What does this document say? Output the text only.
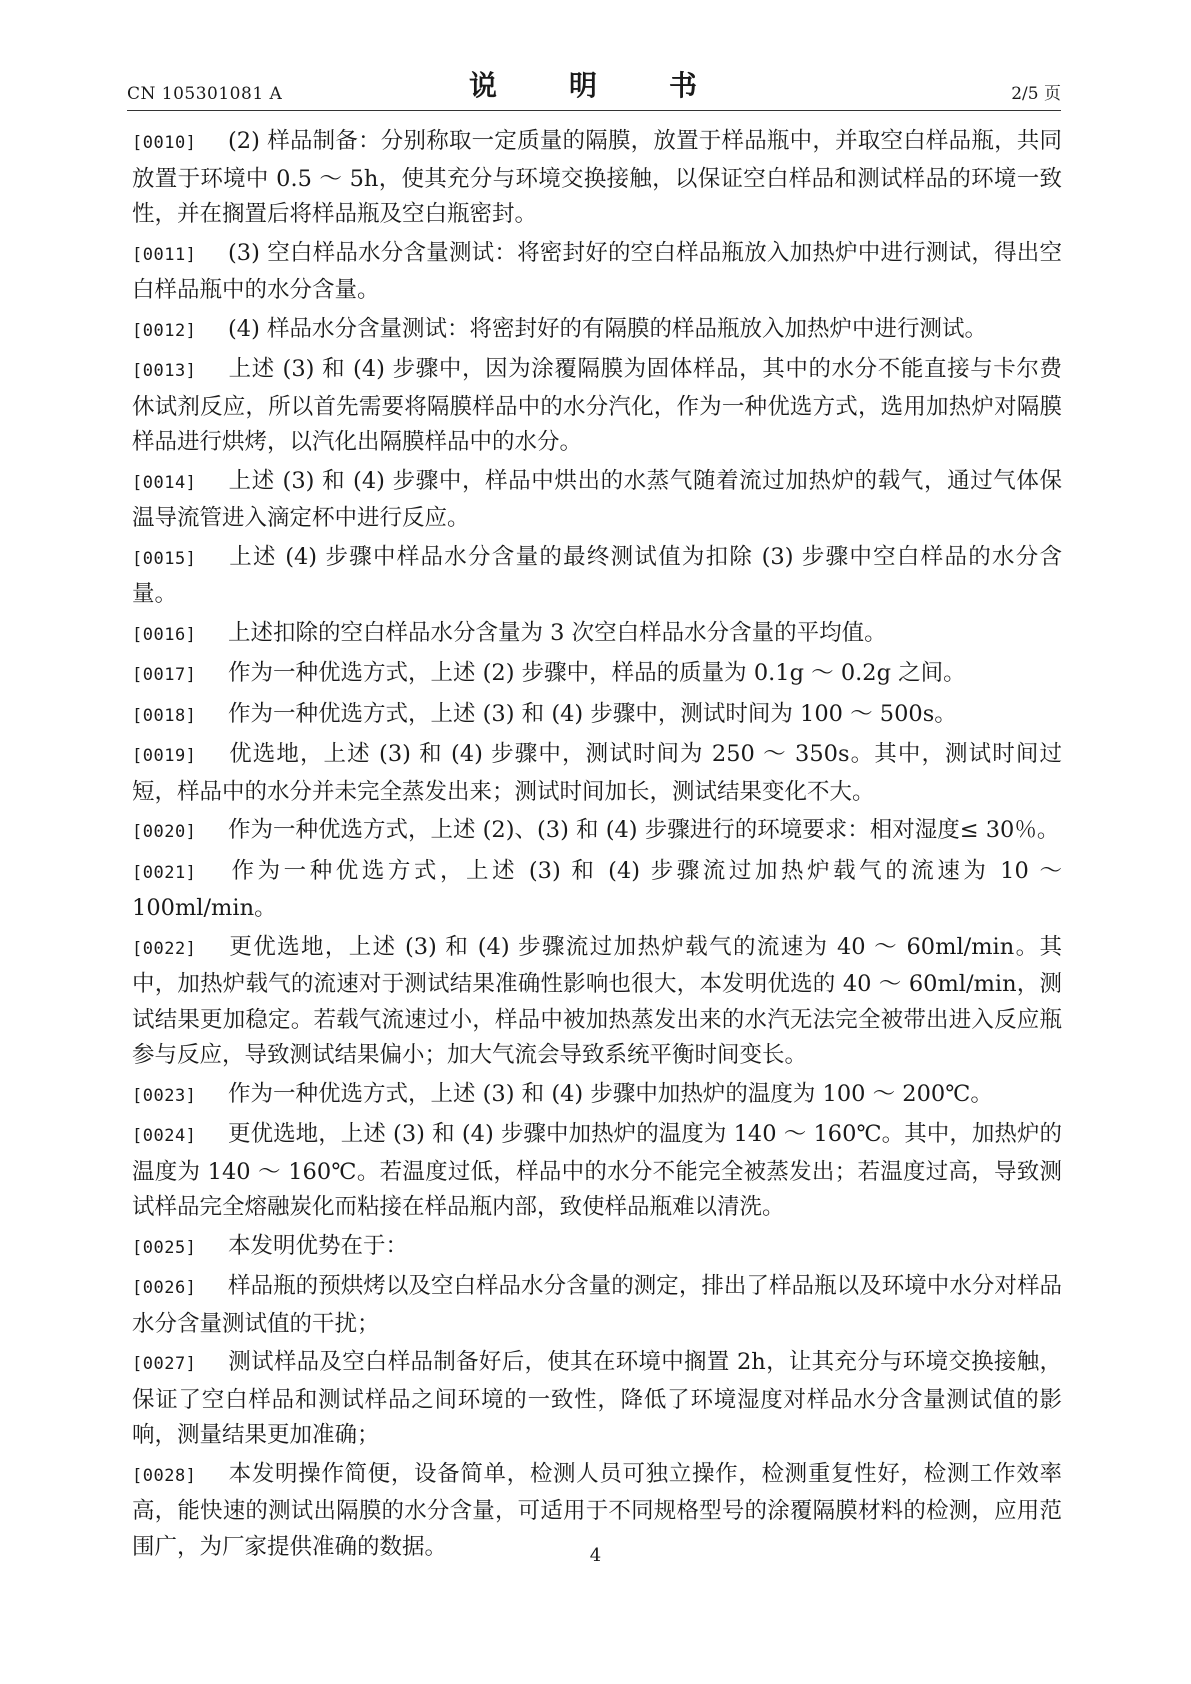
CN 105301081 A	说　明　书	2/5 页
[0010] (2) 样品制备：分别称取一定质量的隔膜，放置于样品瓶中，并取空白样品瓶，共同放置于环境中 0.5 ～ 5h，使其充分与环境交换接触，以保证空白样品和测试样品的环境一致性，并在搁置后将样品瓶及空白瓶密封。
[0011] (3) 空白样品水分含量测试：将密封好的空白样品瓶放入加热炉中进行测试，得出空白样品瓶中的水分含量。
[0012] (4) 样品水分含量测试：将密封好的有隔膜的样品瓶放入加热炉中进行测试。
[0013] 上述 (3) 和 (4) 步骤中，因为涂覆隔膜为固体样品，其中的水分不能直接与卡尔费休试剂反应，所以首先需要将隔膜样品中的水分汽化，作为一种优选方式，选用加热炉对隔膜样品进行烘烤，以汽化出隔膜样品中的水分。
[0014] 上述 (3) 和 (4) 步骤中，样品中烘出的水蒸气随着流过加热炉的载气，通过气体保温导流管进入滴定杯中进行反应。
[0015] 上述 (4) 步骤中样品水分含量的最终测试值为扣除 (3) 步骤中空白样品的水分含量。
[0016] 上述扣除的空白样品水分含量为 3 次空白样品水分含量的平均值。
[0017] 作为一种优选方式，上述 (2) 步骤中，样品的质量为 0.1g ～ 0.2g 之间。
[0018] 作为一种优选方式，上述 (3) 和 (4) 步骤中，测试时间为 100 ～ 500s。
[0019] 优选地，上述 (3) 和 (4) 步骤中，测试时间为 250 ～ 350s。其中，测试时间过短，样品中的水分并未完全蒸发出来；测试时间加长，测试结果变化不大。
[0020] 作为一种优选方式，上述 (2)、(3) 和 (4) 步骤进行的环境要求：相对湿度≤ 30％。
[0021] 作为一种优选方式，上述 (3) 和 (4) 步骤流过加热炉载气的流速为 10 ～ 100ml/min。
[0022] 更优选地，上述 (3) 和 (4) 步骤流过加热炉载气的流速为 40 ～ 60ml/min。其中，加热炉载气的流速对于测试结果准确性影响也很大，本发明优选的 40 ～ 60ml/min，测试结果更加稳定。若载气流速过小，样品中被加热蒸发出来的水汽无法完全被带出进入反应瓶参与反应，导致测试结果偏小；加大气流会导致系统平衡时间变长。
[0023] 作为一种优选方式，上述 (3) 和 (4) 步骤中加热炉的温度为 100 ～ 200℃。
[0024] 更优选地，上述 (3) 和 (4) 步骤中加热炉的温度为 140 ～ 160℃。其中，加热炉的温度为 140 ～ 160℃。若温度过低，样品中的水分不能完全被蒸发出；若温度过高，导致测试样品完全熔融炭化而粘接在样品瓶内部，致使样品瓶难以清洗。
[0025] 本发明优势在于：
[0026] 样品瓶的预烘烤以及空白样品水分含量的测定，排出了样品瓶以及环境中水分对样品水分含量测试值的干扰；
[0027] 测试样品及空白样品制备好后，使其在环境中搁置 2h，让其充分与环境交换接触，保证了空白样品和测试样品之间环境的一致性，降低了环境湿度对样品水分含量测试值的影响，测量结果更加准确；
[0028] 本发明操作简便，设备简单，检测人员可独立操作，检测重复性好，检测工作效率高，能快速的测试出隔膜的水分含量，可适用于不同规格型号的涂覆隔膜材料的检测，应用范围广，为厂家提供准确的数据。	4
